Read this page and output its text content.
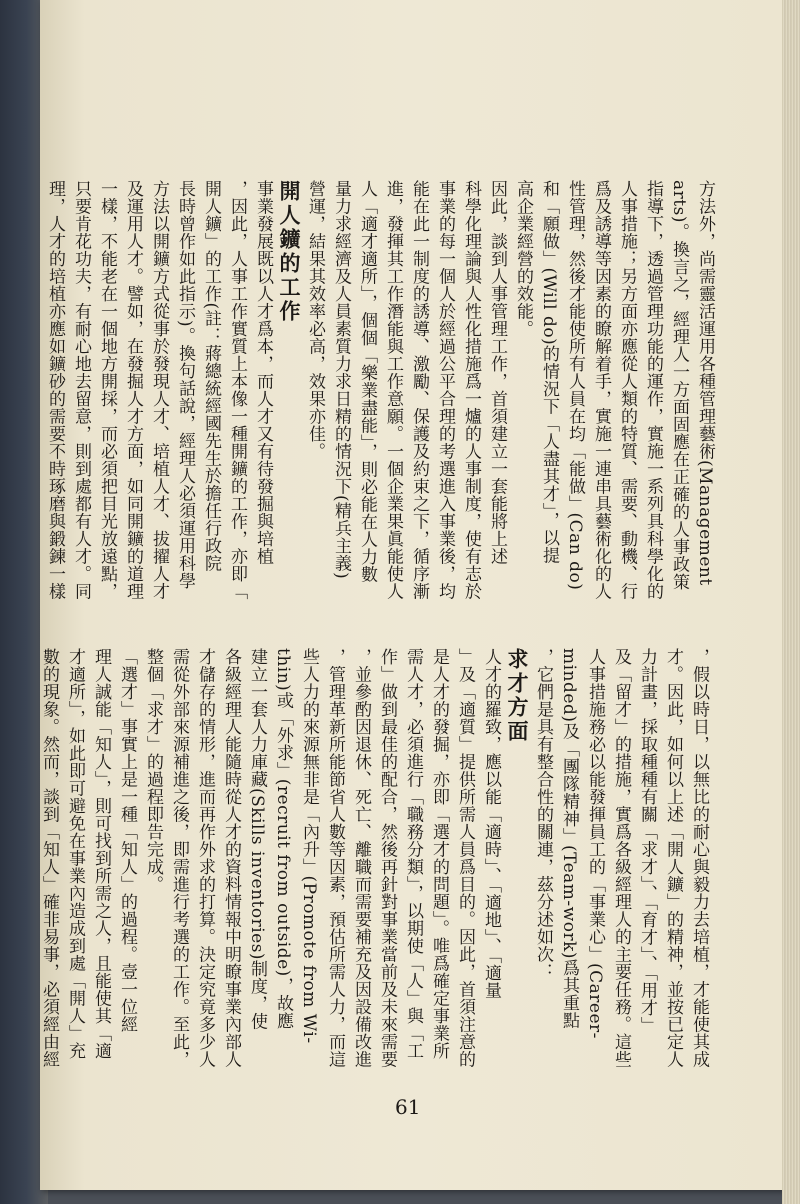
方法外，尚需靈活運用各種管理藝術(Management
arts)。換言之，經理人一方面固應在正確的人事政策
指導下，透過管理功能的運作，實施一系列具科學化的
人事措施；另方面亦應從人類的特質、需要、動機、行
爲及誘導等因素的瞭解着手，實施一連串具藝術化的人
性管理，然後才能使所有人員在均「能做」(Can do)
和「願做」(Will do)的情況下「人盡其才」，以提
高企業經營的效能。
因此，談到人事管理工作，首須建立一套能將上述
科學化理論與人性化措施爲一爐的人事制度，使有志於
事業的每一個人於經過公平合理的考選進入事業後，均
能在此一制度的誘導、激勵、保護及約束之下，循序漸
進，發揮其工作潛能與工作意願。一個企業果眞能使人
人「適才適所」，個個「樂業盡能」，則必能在人力數
量力求經濟及人員素質力求日精的情況下(精兵主義)
營運，結果其效率必高，效果亦佳。
開人鑛的工作
事業發展既以人才爲本，而人才又有待發掘與培植
，因此，人事工作實質上本像一種開鑛的工作，亦即「
開人鑛」的工作(註：蔣總統經國先生於擔任行政院
長時曾作如此指示)。換句話說，經理人必須運用科學
方法以開鑛方式從事於發現人才、培植人才、拔擢人才
及運用人才。譬如，在發掘人才方面，如同開鑛的道理
一樣，不能老在一個地方開採，而必須把目光放遠點，
只要肯花功夫，有耐心地去留意，則到處都有人才。同
理，人才的培植亦應如鑛砂的需要不時琢磨與鍛鍊一樣
，假以時日，以無比的耐心與毅力去培植，才能使其成
才。因此，如何以上述「開人鑛」的精神，並按已定人
力計畫，採取種種有關「求才」、「育才」、「用才」
及「留才」的措施，實爲各級經理人的主要任務。這些
人事措施務必以能發揮員工的「事業心」(Career-
minded)及「團隊精神」(Team-work)爲其重點
，它們是具有整合性的關連，茲分述如次：
求才方面
人才的羅致，應以能「適時」、「適地」、「適量
」及「適質」提供所需人員爲目的。因此，首須注意的
是人才的發掘，亦即「選才的問題」。唯爲確定事業所
需人才，必須進行「職務分類」，以期使「人」與「工
作」做到最佳的配合，然後再針對事業當前及未來需要
，並參酌因退休、死亡、離職而需要補充及因設備改進
，管理革新所能節省人數等因素，預估所需人力，而這
些人力的來源無非是「內升」(Promote from Wi-
thin)或「外求」(recruit from outside)，故應
建立一套人力庫藏(Skills inventories)制度，使
各級經理人能隨時從人才的資料情報中明瞭事業內部人
才儲存的情形，進而再作外求的打算。決定究竟多少人
需從外部來源補進之後，即需進行考選的工作。至此，
整個「求才」的過程即告完成。
「選才」事實上是一種「知人」的過程。壹一位經
理人誠能「知人」，則可找到所需之人，且能使其「適
才適所」，如此即可避免在事業內造成到處「開人」充
數的現象。然而，談到「知人」確非易事，必須經由經
61
